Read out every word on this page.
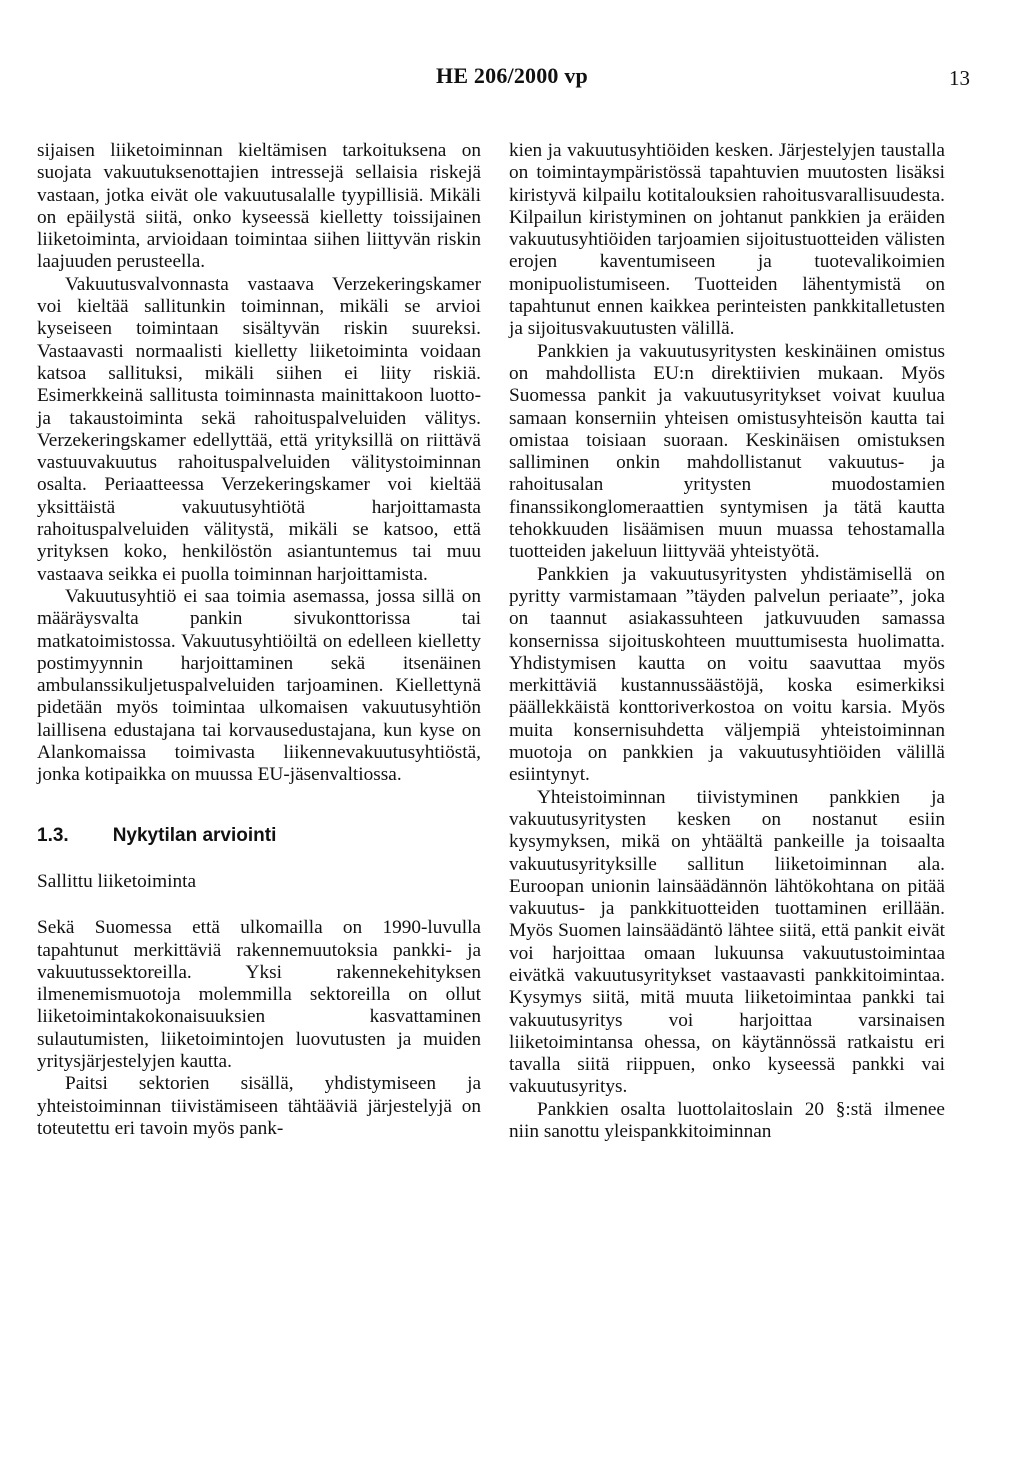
HE 206/2000 vp	13

sijaisen liiketoiminnan kieltämisen tarkoituksena on suojata vakuutuksenottajien intressejä sellaisia riskejä vastaan, jotka eivät ole vakuutusalalle tyypillisiä. Mikäli on epäilystä siitä, onko kyseessä kielletty toissijainen liiketoiminta, arvioidaan toimintaa siihen liittyvän riskin laajuuden perusteella.

Vakuutusvalvonnasta vastaava Verzekeringskamer voi kieltää sallitunkin toiminnan, mikäli se arvioi kyseiseen toimintaan sisältyvän riskin suureksi. Vastaavasti normaalisti kielletty liiketoiminta voidaan katsoa sallituksi, mikäli siihen ei liity riskiä. Esimerkkeinä sallitusta toiminnasta mainittakoon luotto- ja takaustoiminta sekä rahoituspalveluiden välitys. Verzekeringskamer edellyttää, että yrityksillä on riittävä vastuuvakuutus rahoituspalveluiden välitystoiminnan osalta. Periaatteessa Verzekeringskamer voi kieltää yksittäistä vakuutusyhtiötä harjoittamasta rahoituspalveluiden välitystä, mikäli se katsoo, että yrityksen koko, henkilöstön asiantuntemus tai muu vastaava seikka ei puolla toiminnan harjoittamista.

Vakuutusyhtiö ei saa toimia asemassa, jossa sillä on määräysvalta pankin sivukonttorissa tai matkatoimistossa. Vakuutusyhtiöiltä on edelleen kielletty postimyynnin harjoittaminen sekä itsenäinen ambulanssikuljetuspalveluiden tarjoaminen. Kiellettynä pidetään myös toimintaa ulkomaisen vakuutusyhtiön laillisena edustajana tai korvausedustajana, kun kyse on Alankomaissa toimivasta liikennevakuutusyhtiöstä, jonka kotipaikka on muussa EU-jäsenvaltiossa.

1.3. Nykytilan arviointi
Sallittu liiketoiminta

Sekä Suomessa että ulkomailla on 1990-luvulla tapahtunut merkittäviä rakennemuutoksia pankki- ja vakuutussektoreilla. Yksi rakennekehityksen ilmenemismuotoja molemmilla sektoreilla on ollut liiketoimintakokonaisuuksien kasvattaminen sulautumisten, liiketoimintojen luovutusten ja muiden yritysjärjestelyjen kautta.

Paitsi sektorien sisällä, yhdistymiseen ja yhteistoiminnan tiivistämiseen tähtääviä järjestelyjä on toteutettu eri tavoin myös pank-

kien ja vakuutusyhtiöiden kesken. Järjestelyjen taustalla on toimintaympäristössä tapahtuvien muutosten lisäksi kiristyvä kilpailu kotitalouksien rahoitusvarallisuudesta. Kilpailun kiristyminen on johtanut pankkien ja eräiden vakuutusyhtiöiden tarjoamien sijoitustuotteiden välisten erojen kaventumiseen ja tuotevalikoimien monipuolistumiseen. Tuotteiden lähentymistä on tapahtunut ennen kaikkea perinteisten pankkitalletusten ja sijoitusvakuutusten välillä.

Pankkien ja vakuutusyritysten keskinäinen omistus on mahdollista EU:n direktiivien mukaan. Myös Suomessa pankit ja vakuutusyritykset voivat kuulua samaan konserniin yhteisen omistusyhteisön kautta tai omistaa toisiaan suoraan. Keskinäisen omistuksen salliminen onkin mahdollistanut vakuutus- ja rahoitusalan yritysten muodostamien finanssikonglomeraattien syntymisen ja tätä kautta tehokkuuden lisäämisen muun muassa tehostamalla tuotteiden jakeluun liittyvää yhteistyötä.

Pankkien ja vakuutusyritysten yhdistämisellä on pyritty varmistamaan ”täyden palvelun periaate”, joka on taannut asiakassuhteen jatkuvuuden samassa konsernissa sijoituskohteen muuttumisesta huolimatta. Yhdistymisen kautta on voitu saavuttaa myös merkittäviä kustannussäästöjä, koska esimerkiksi päällekkäistä konttoriverkostoa on voitu karsia. Myös muita konsernisuhdetta väljempiä yhteistoiminnan muotoja on pankkien ja vakuutusyhtiöiden välillä esiintynyt.

Yhteistoiminnan tiivistyminen pankkien ja vakuutusyritysten kesken on nostanut esiin kysymyksen, mikä on yhtäältä pankeille ja toisaalta vakuutusyrityksille sallitun liiketoiminnan ala. Euroopan unionin lainsäädännön lähtökohtana on pitää vakuutus- ja pankkituotteiden tuottaminen erillään. Myös Suomen lainsäädäntö lähtee siitä, että pankit eivät voi harjoittaa omaan lukuunsa vakuutustoimintaa eivätkä vakuutusyritykset vastaavasti pankkitoimintaa. Kysymys siitä, mitä muuta liiketoimintaa pankki tai vakuutusyritys voi harjoittaa varsinaisen liiketoimintansa ohessa, on käytännössä ratkaistu eri tavalla siitä riippuen, onko kyseessä pankki vai vakuutusyritys.

Pankkien osalta luottolaitoslain 20 §:stä ilmenee niin sanottu yleispankkitoiminnan
